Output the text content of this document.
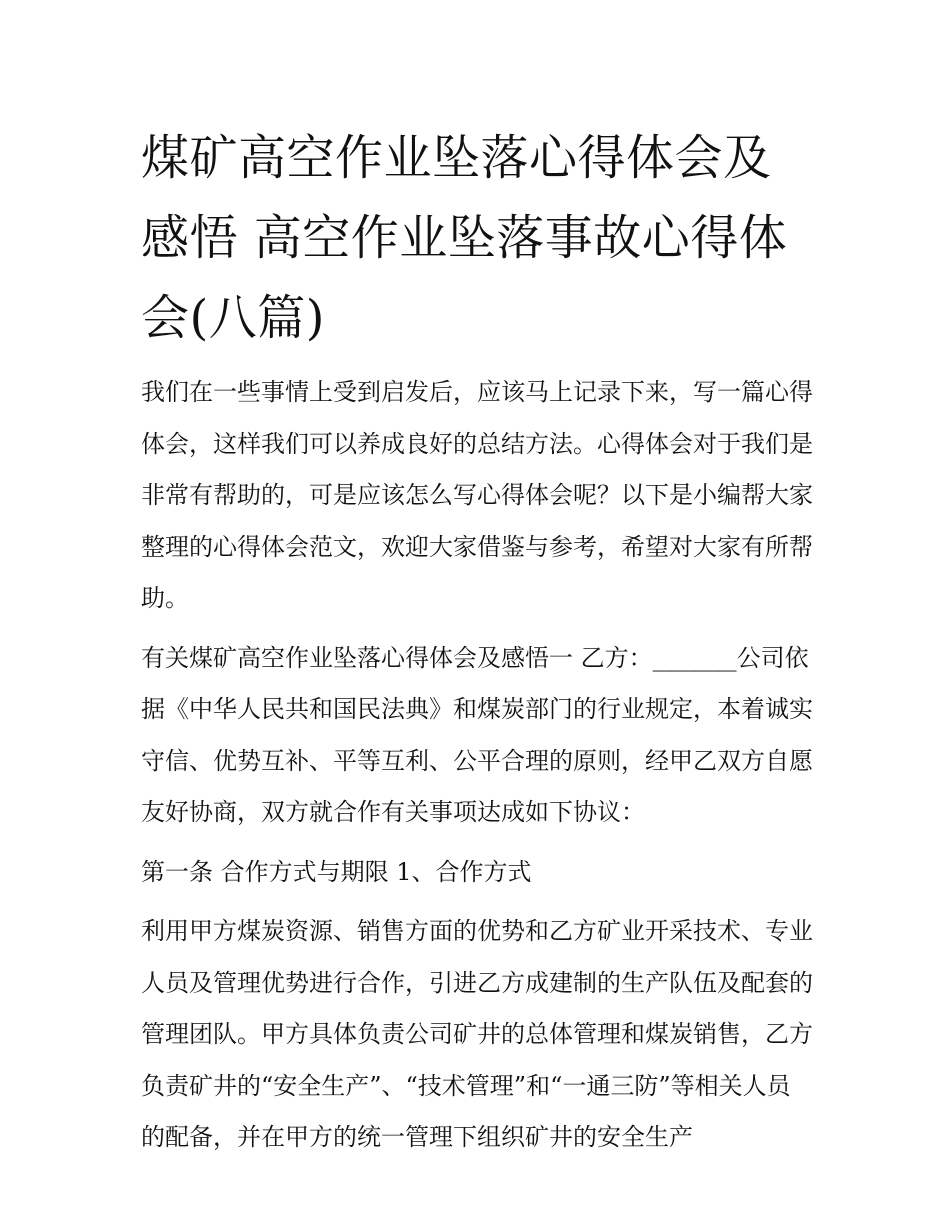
煤矿高空作业坠落心得体会及感悟 高空作业坠落事故心得体会(八篇)

我们在一些事情上受到启发后，应该马上记录下来，写一篇心得体会，这样我们可以养成良好的总结方法。心得体会对于我们是非常有帮助的，可是应该怎么写心得体会呢？以下是小编帮大家整理的心得体会范文，欢迎大家借鉴与参考，希望对大家有所帮助。

有关煤矿高空作业坠落心得体会及感悟一 乙方：_______公司依据《中华人民共和国民法典》和煤炭部门的行业规定，本着诚实守信、优势互补、平等互利、公平合理的原则，经甲乙双方自愿友好协商，双方就合作有关事项达成如下协议：

第一条 合作方式与期限 1、合作方式

利用甲方煤炭资源、销售方面的优势和乙方矿业开采技术、专业人员及管理优势进行合作，引进乙方成建制的生产队伍及配套的管理团队。甲方具体负责公司矿井的总体管理和煤炭销售，乙方负责矿井的“安全生产”、“技术管理”和“一通三防”等相关人员的配备，并在甲方的统一管理下组织矿井的安全生产
